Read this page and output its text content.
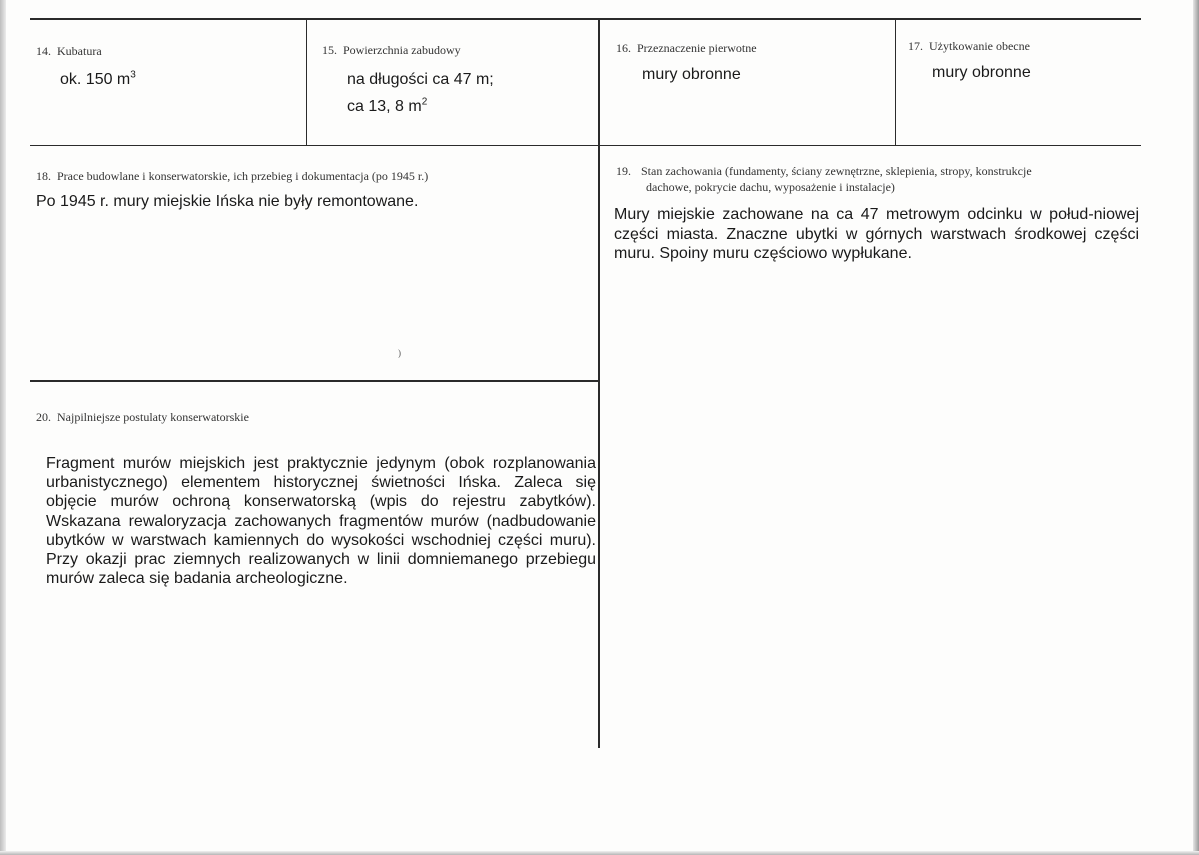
14. Kubatura
ok. 150 $m^3$
15. Powierzchnia zabudowy
na długości ca 47 m;
ca 13, 8 $m^2$
16. Przeznaczenie pierwotne
mury obronne
17. Użytkowanie obecne
mury obronne
18. Prace budowlane i konserwatorskie, ich przebieg i dokumentacja (po 1945 r.)
Po 1945 r. mury miejskie Ińska nie były remontowane.
)
19. Stan zachowania (fundamenty, ściany zewnętrzne, sklepienia, stropy, konstrukcje
dachowe, pokrycie dachu, wyposażenie i instalacje)
Mury miejskie zachowane na ca 47 metrowym odcinku w połud-niowej części miasta. Znaczne ubytki w górnych warstwach środkowej części muru. Spoiny muru częściowo wypłukane.
20. Najpilniejsze postulaty konserwatorskie
Fragment murów miejskich jest praktycznie jedynym (obok rozplanowania urbanistycznego) elementem historycznej świetności Ińska. Zaleca się objęcie murów ochroną konserwatorską (wpis do rejestru zabytków). Wskazana rewaloryzacja zachowanych fragmentów murów (nadbudowanie ubytków w warstwach kamiennych do wysokości wschodniej części muru). Przy okazji prac ziemnych realizowanych w linii domniemanego przebiegu murów zaleca się badania archeologiczne.
